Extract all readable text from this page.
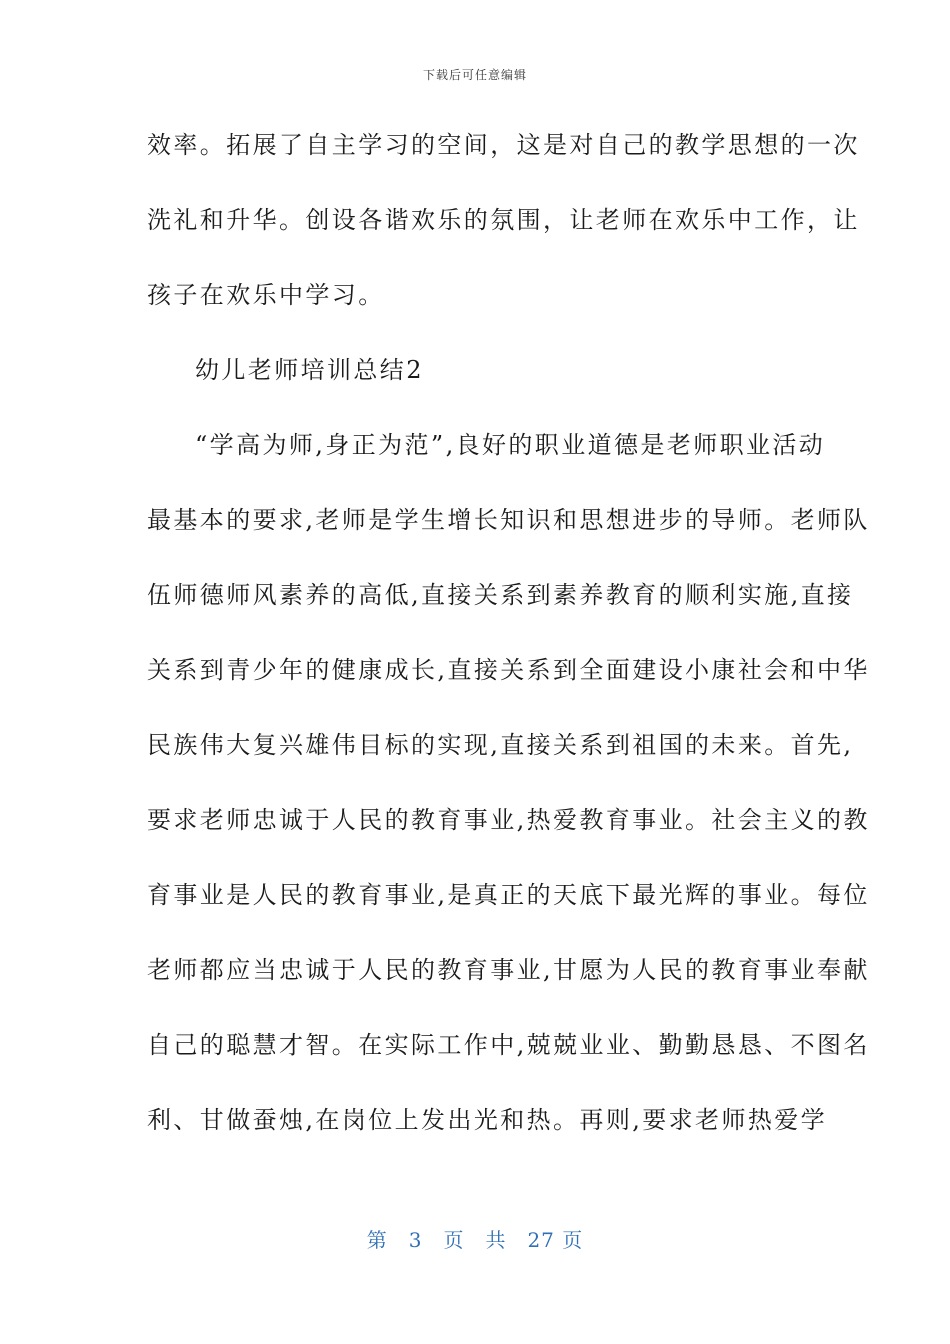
下载后可任意编辑
效率。拓展了自主学习的空间，这是对自己的教学思想的一次
洗礼和升华。创设各谐欢乐的氛围，让老师在欢乐中工作，让
孩子在欢乐中学习。
幼儿老师培训总结2
“学高为师,身正为范”,良好的职业道德是老师职业活动
最基本的要求,老师是学生增长知识和思想进步的导师。老师队
伍师德师风素养的高低,直接关系到素养教育的顺利实施,直接
关系到青少年的健康成长,直接关系到全面建设小康社会和中华
民族伟大复兴雄伟目标的实现,直接关系到祖国的未来。首先,
要求老师忠诚于人民的教育事业,热爱教育事业。社会主义的教
育事业是人民的教育事业,是真正的天底下最光辉的事业。每位
老师都应当忠诚于人民的教育事业,甘愿为人民的教育事业奉献
自己的聪慧才智。在实际工作中,兢兢业业、勤勤恳恳、不图名
利、甘做蚕烛,在岗位上发出光和热。再则,要求老师热爱学
第　3　页　共　27 页
